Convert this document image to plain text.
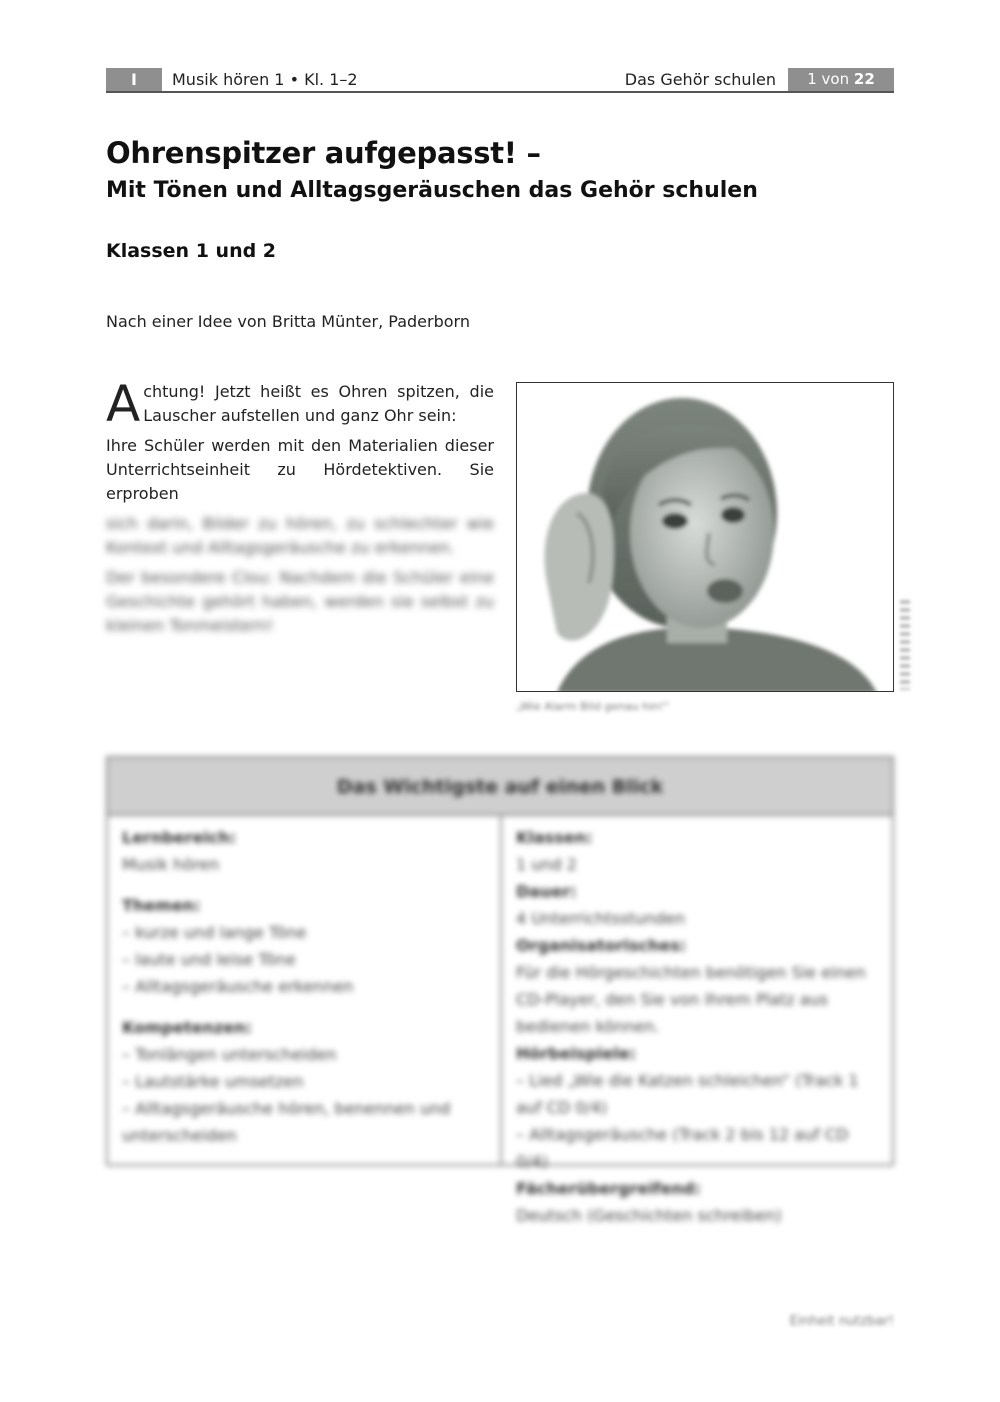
I	Musik hören 1 • Kl. 1–2	Das Gehör schulen	1 von 22
Ohrenspitzer aufgepasst! –
Mit Tönen und Alltagsgeräuschen das Gehör schulen
Klassen 1 und 2
Nach einer Idee von Britta Münter, Paderborn
A chtung! Jetzt heißt es Ohren spitzen, die Lauscher aufstellen und ganz Ohr sein:

Ihre Schüler werden mit den Materialien dieser Unterrichtseinheit zu Hördetektiven. Sie erproben

sich darin, Bilder zu hören, zu schlechter wie Kontext und Alltagsgeräusche zu erkennen.

Der besondere Clou: Nachdem die Schüler eine Geschichte gehört haben, werden sie selbst zu kleinen Tonmeistern!

„Wie Alarm Bild genau hin!“
Das Wichtigste auf einen Blick
Lernbereich:
Musik hören
Themen:
– kurze und lange Töne
– laute und leise Töne
– Alltagsgeräusche erkennen
Kompetenzen:
– Tonlängen unterscheiden
– Lautstärke umsetzen
– Alltagsgeräusche hören, benennen und unterscheiden
Klassen:
1 und 2
Dauer:
4 Unterrichtsstunden
Organisatorisches:
Für die Hörgeschichten benötigen Sie einen CD-Player, den Sie von Ihrem Platz aus bedienen können.
Hörbeispiele:
– Lied „Wie die Katzen schleichen“ (Track 1 auf CD 0/4)
– Alltagsgeräusche (Track 2 bis 12 auf CD 0/4)
Fächerübergreifend:
Deutsch (Geschichten schreiben)
Einheit nutzbar!
